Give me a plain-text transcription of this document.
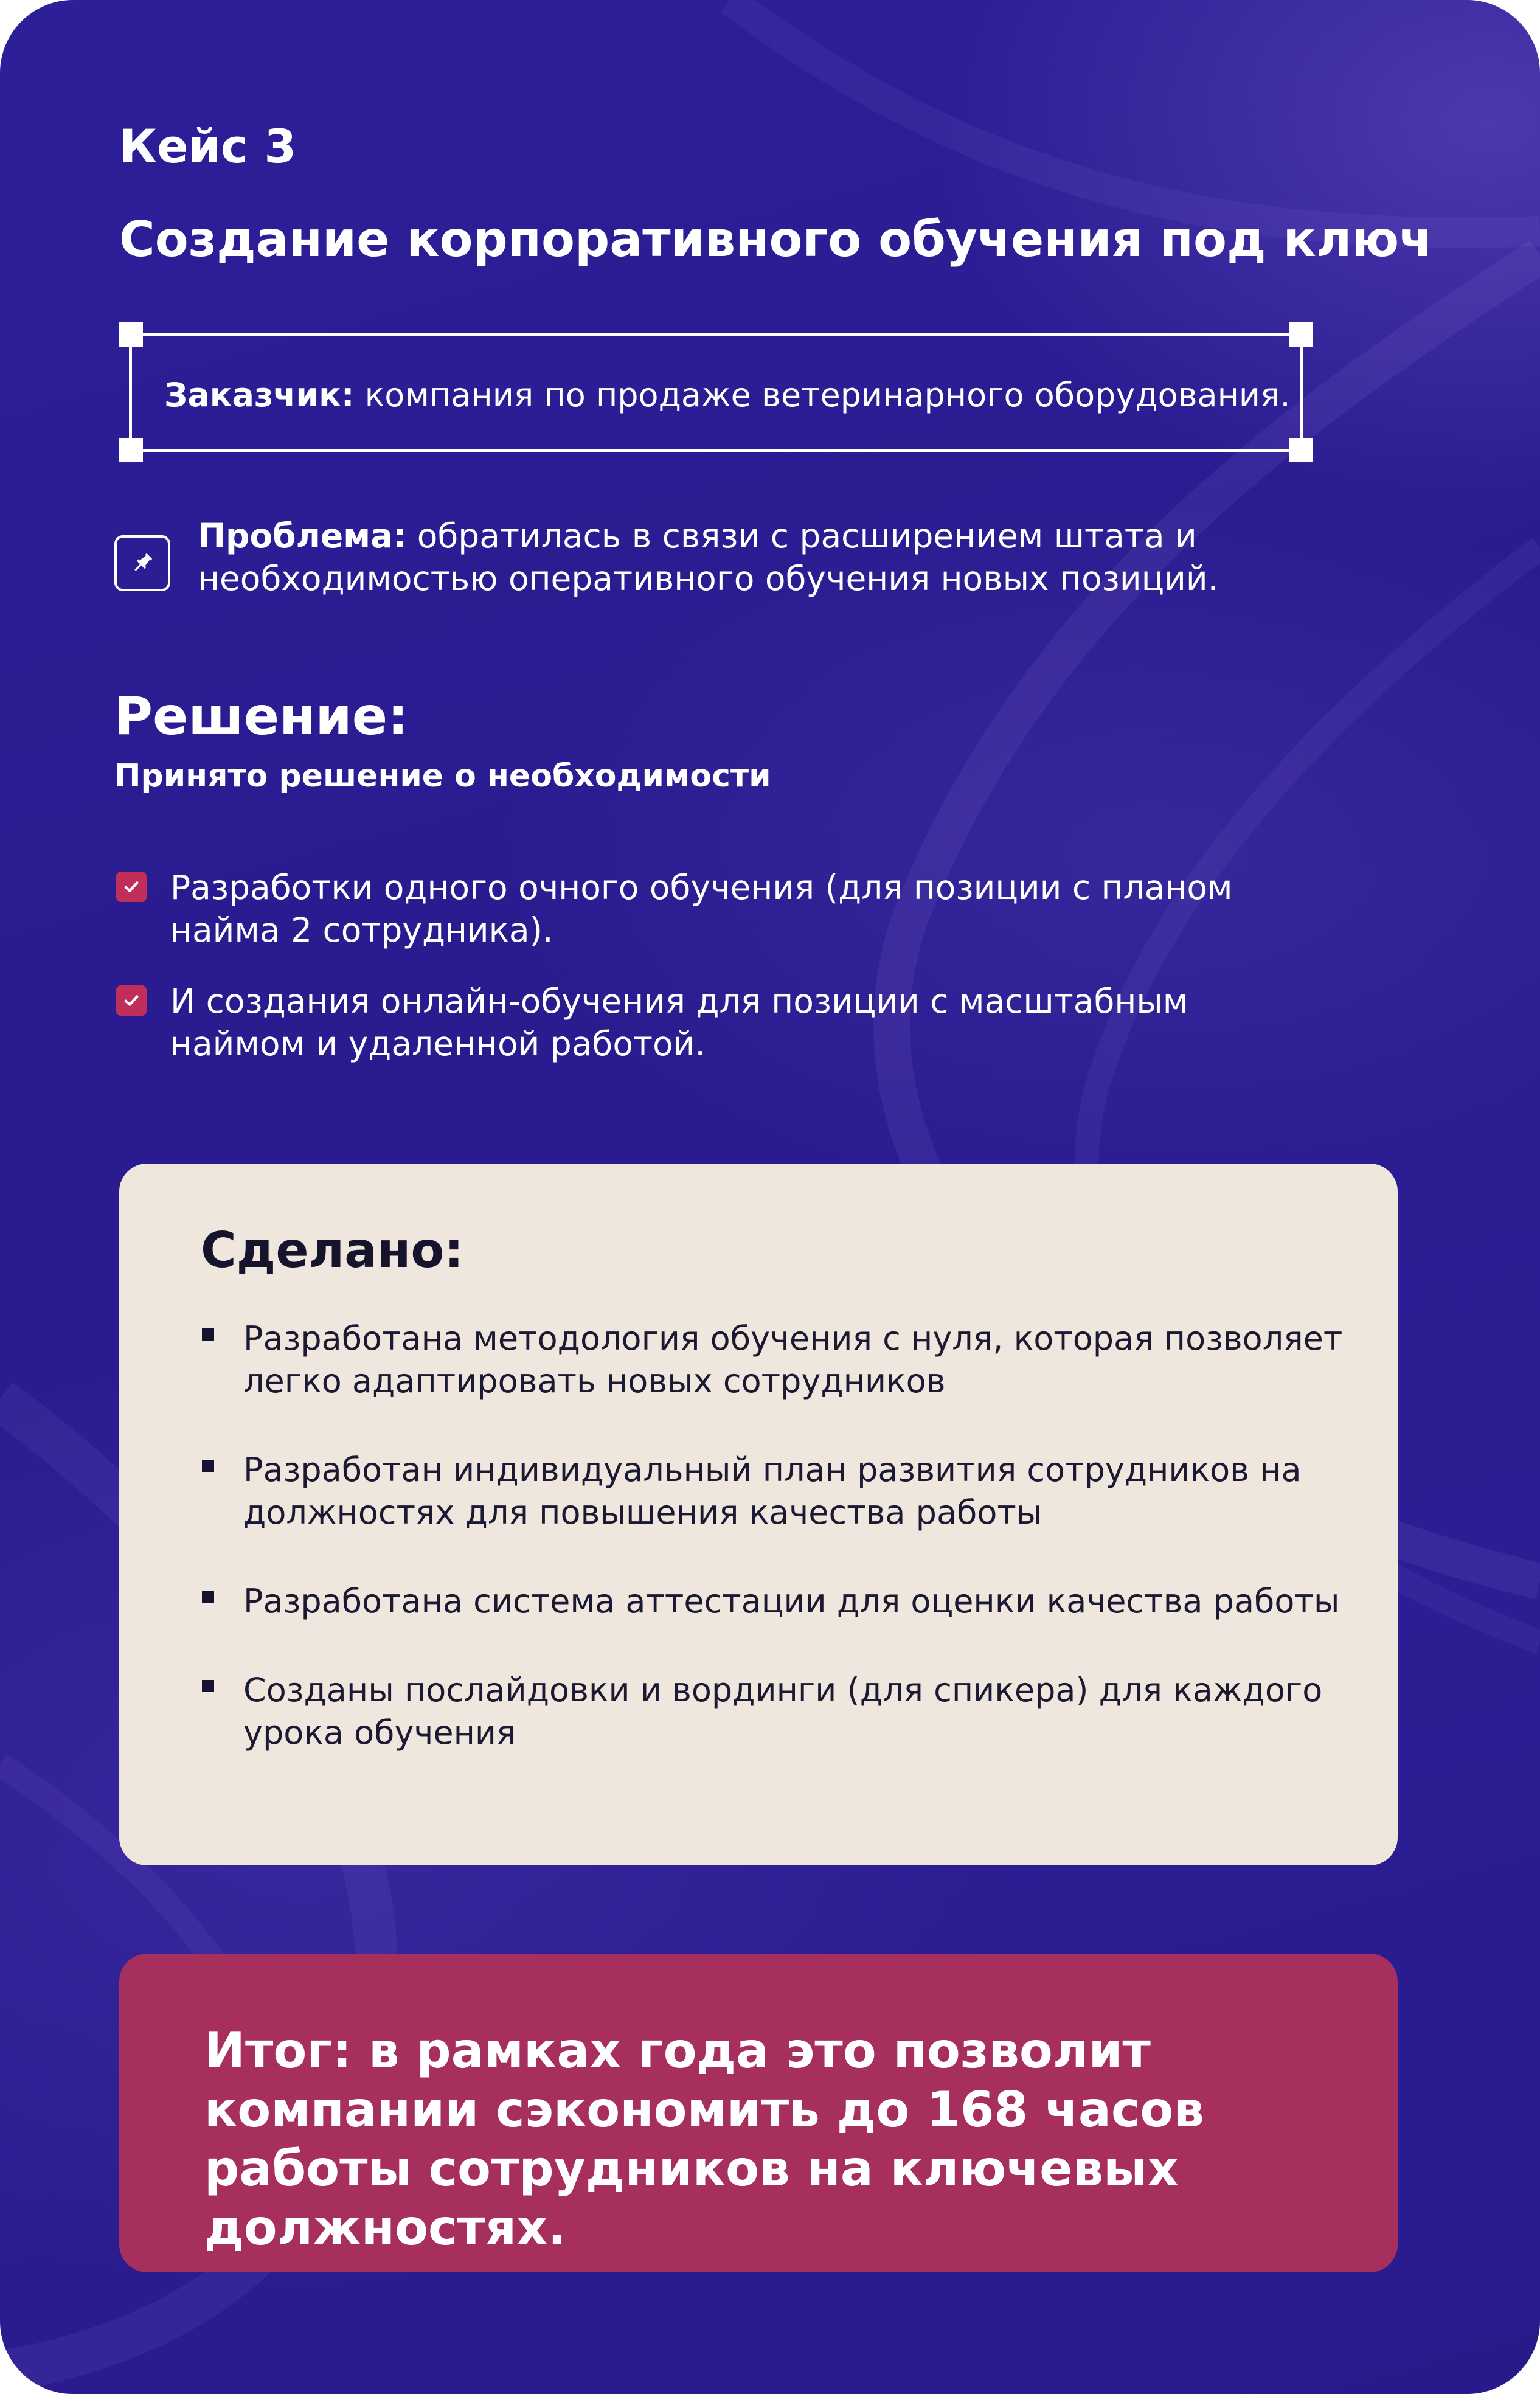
Кейс 3
Создание корпоративного обучения под ключ
Заказчик: компания по продаже ветеринарного оборудования.
Проблема: обратилась в связи с расширением штата и необходимостью оперативного обучения новых позиций.
Решение:
Принято решение о необходимости
Разработки одного очного обучения (для позиции с планом найма 2 сотрудника).
И создания онлайн-обучения для позиции с масштабным наймом и удаленной работой.
Сделано:
Разработана методология обучения с нуля, которая позволяет легко адаптировать новых сотрудников
Разработан индивидуальный план развития сотрудников на должностях для повышения качества работы
Разработана система аттестации для оценки качества работы
Созданы послайдовки и вординги (для спикера) для каждого урока обучения
Итог: в рамках года это позволит компании сэкономить до 168 часов работы сотрудников на ключевых должностях.
